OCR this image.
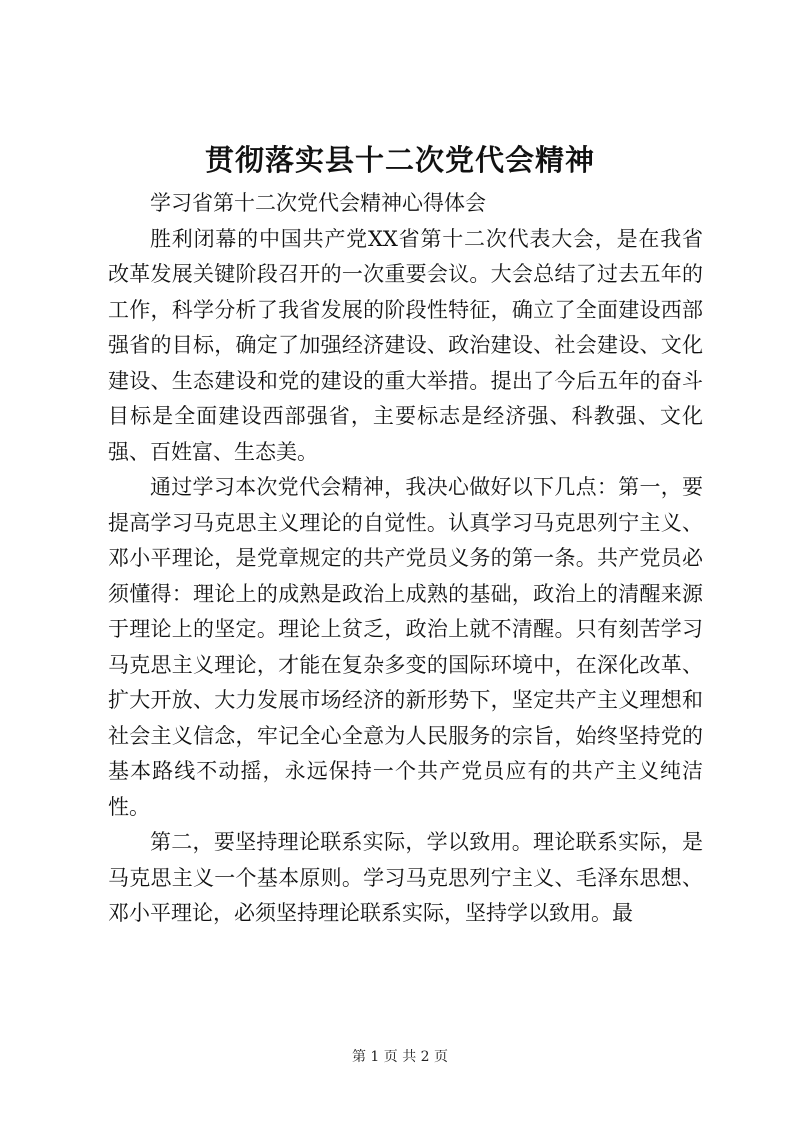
贯彻落实县十二次党代会精神

学习省第十二次党代会精神心得体会

胜利闭幕的中国共产党XX省第十二次代表大会，是在我省改革发展关键阶段召开的一次重要会议。大会总结了过去五年的工作，科学分析了我省发展的阶段性特征，确立了全面建设西部强省的目标，确定了加强经济建设、政治建设、社会建设、文化建设、生态建设和党的建设的重大举措。提出了今后五年的奋斗目标是全面建设西部强省，主要标志是经济强、科教强、文化强、百姓富、生态美。

通过学习本次党代会精神，我决心做好以下几点：第一，要提高学习马克思主义理论的自觉性。认真学习马克思列宁主义、邓小平理论，是党章规定的共产党员义务的第一条。共产党员必须懂得：理论上的成熟是政治上成熟的基础，政治上的清醒来源于理论上的坚定。理论上贫乏，政治上就不清醒。只有刻苦学习马克思主义理论，才能在复杂多变的国际环境中，在深化改革、扩大开放、大力发展市场经济的新形势下，坚定共产主义理想和社会主义信念，牢记全心全意为人民服务的宗旨，始终坚持党的基本路线不动摇，永远保持一个共产党员应有的共产主义纯洁性。

第二，要坚持理论联系实际，学以致用。理论联系实际，是马克思主义一个基本原则。学习马克思列宁主义、毛泽东思想、邓小平理论，必须坚持理论联系实际，坚持学以致用。最

第 1 页 共 2 页
